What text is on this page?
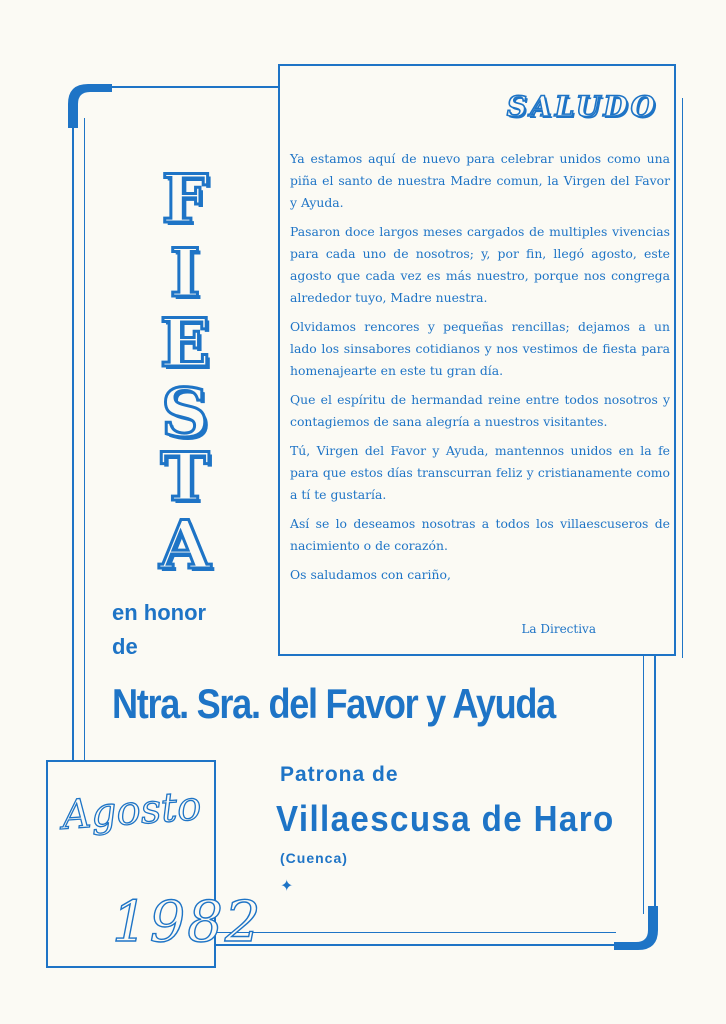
F
I
E
S
T
A
en honor
de
SALUDO

Ya estamos aquí de nuevo para celebrar unidos como una piña el santo de nuestra Madre comun, la Virgen del Favor y Ayuda.

Pasaron doce largos meses cargados de multiples vivencias para cada uno de nosotros; y, por fin, llegó agosto, este agosto que cada vez es más nuestro, porque nos congrega alrededor tuyo, Madre nuestra.

Olvidamos rencores y pequeñas rencillas; dejamos a un lado los sinsabores cotidianos y nos vestimos de fiesta para homenajearte en este tu gran día.

Que el espíritu de hermandad reine entre todos nosotros y contagiemos de sana alegría a nuestros visitantes.

Tú, Virgen del Favor y Ayuda, mantennos unidos en la fe para que estos días transcurran feliz y cristianamente como a tí te gustaría.

Así se lo deseamos nosotras a todos los villaescuseros de nacimiento o de corazón.

Os saludamos con cariño,

La Directiva
Ntra. Sra. del Favor y Ayuda
Patrona de
Villaescusa de Haro
(Cuenca)
✦
Agosto
1982
